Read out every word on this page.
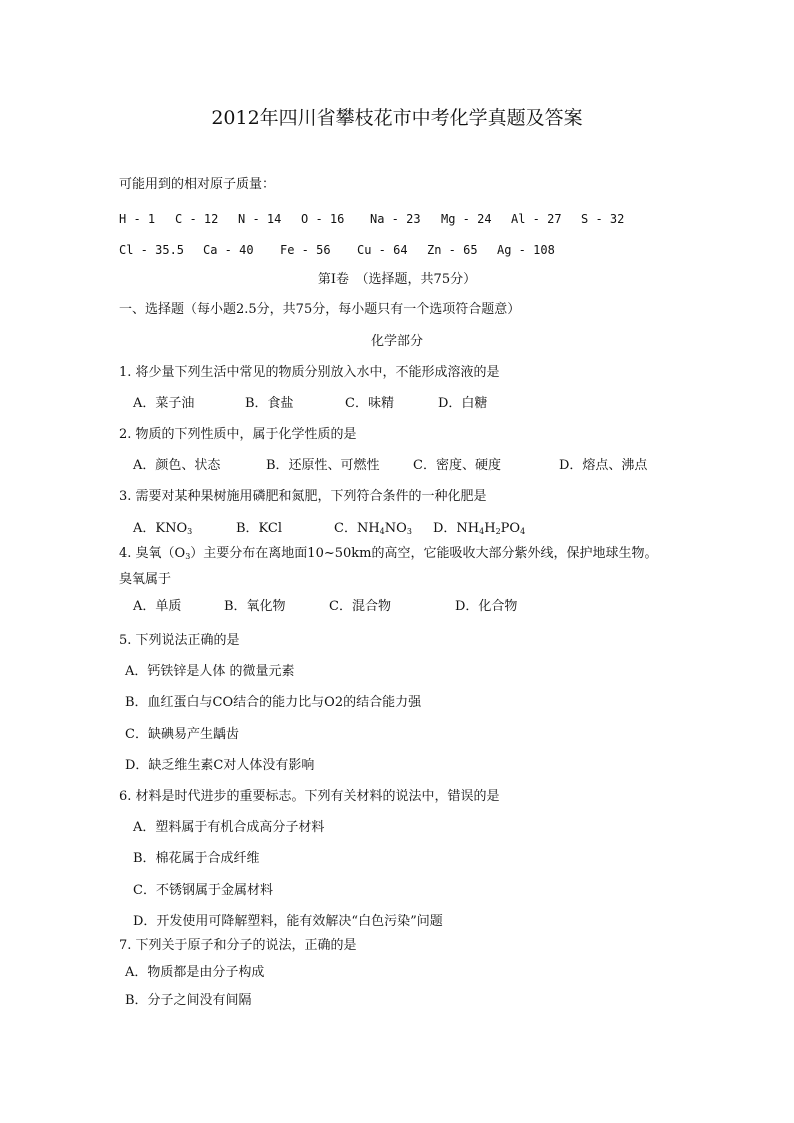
2012年四川省攀枝花市中考化学真题及答案
可能用到的相对原子质量：
H - 1 C - 12 N - 14 O - 16 Na - 23 Mg - 24 Al - 27 S - 32
Cl - 35.5 Ca - 40 Fe - 56 Cu - 64 Zn - 65 Ag - 108
第Ⅰ卷　（选择题，共75分）
一、选择题（每小题2.5分，共75分，每小题只有一个选项符合题意）
化学部分
1. 将少量下列生活中常见的物质分别放入水中，不能形成溶液的是
A．菜子油	B．食盐	C．味精	D．白糖
2. 物质的下列性质中，属于化学性质的是
A．颜色、状态	B．还原性、可燃性	C．密度、硬度	D．熔点、沸点
3. 需要对某种果树施用磷肥和氮肥，下列符合条件的一种化肥是
A．$KNO_3$	B．KCl	C．$NH_4NO_3$ D．$NH_4H_2PO_4$
4. 臭氧$(O_3)$主要分布在离地面10~50km的高空，它能吸收大部分紫外线，保护地球生物。
臭氧属于
A．单质	B．氧化物	C．混合物	D．化合物
5. 下列说法正确的是
A．钙铁锌是人体 的微量元素
B．血红蛋白与CO结合的能力比与O2的结合能力强
C．缺碘易产生龋齿
D．缺乏维生素C对人体没有影响
6. 材料是时代进步的重要标志。下列有关材料的说法中，错误的是
A．塑料属于有机合成高分子材料
B．棉花属于合成纤维
C．不锈钢属于金属材料
D．开发使用可降解塑料，能有效解决“白色污染”问题
7. 下列关于原子和分子的说法，正确的是
A．物质都是由分子构成
B．分子之间没有间隔
